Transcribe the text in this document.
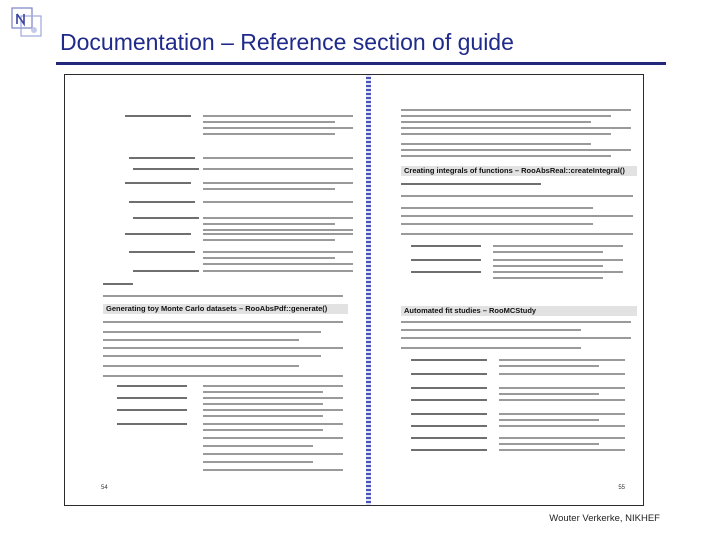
Documentation – Reference section of guide
Generating toy Monte Carlo datasets – RooAbsPdf::generate()
54
Creating integrals of functions – RooAbsReal::createIntegral()
Automated fit studies – RooMCStudy
55
Wouter Verkerke, NIKHEF
